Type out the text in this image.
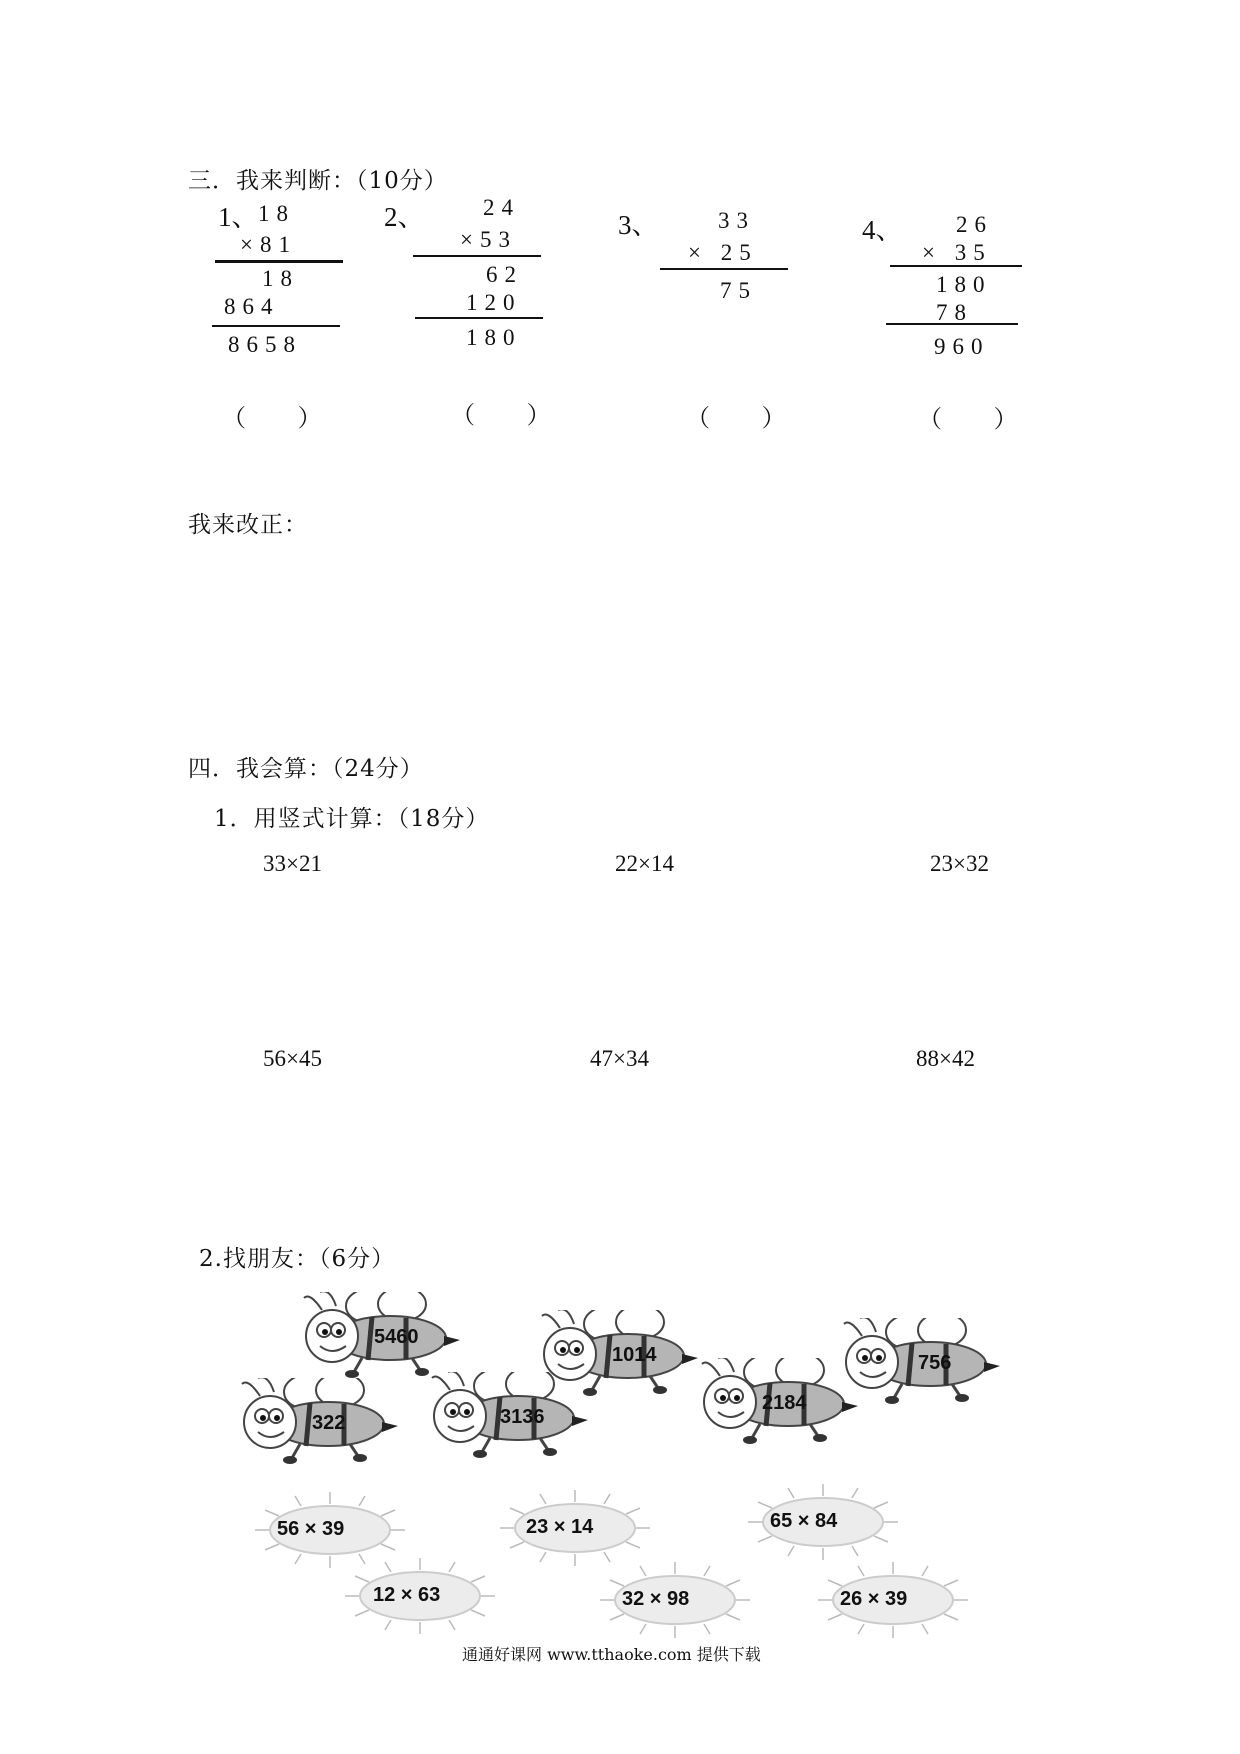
三．我来判断：（10分）
1、 18
×81
18
864
8658
（ ）
2、	24
×53
62
120
180
（ ）
3、	33
× 25
75
（ ）
4、 26
× 35
180
78
960
（ ）
我来改正：
四．我会算：（24分）
1．用竖式计算：（18分）
33×21	22×14	23×32
56×45	47×34	88×42
2.找朋友：（6分）
5460
1014	756
322	3136
2184
56 × 39	23 × 14	65 × 84
12 × 63	32 × 98	26 × 39
通通好课网 www.tthaoke.com 提供下载
